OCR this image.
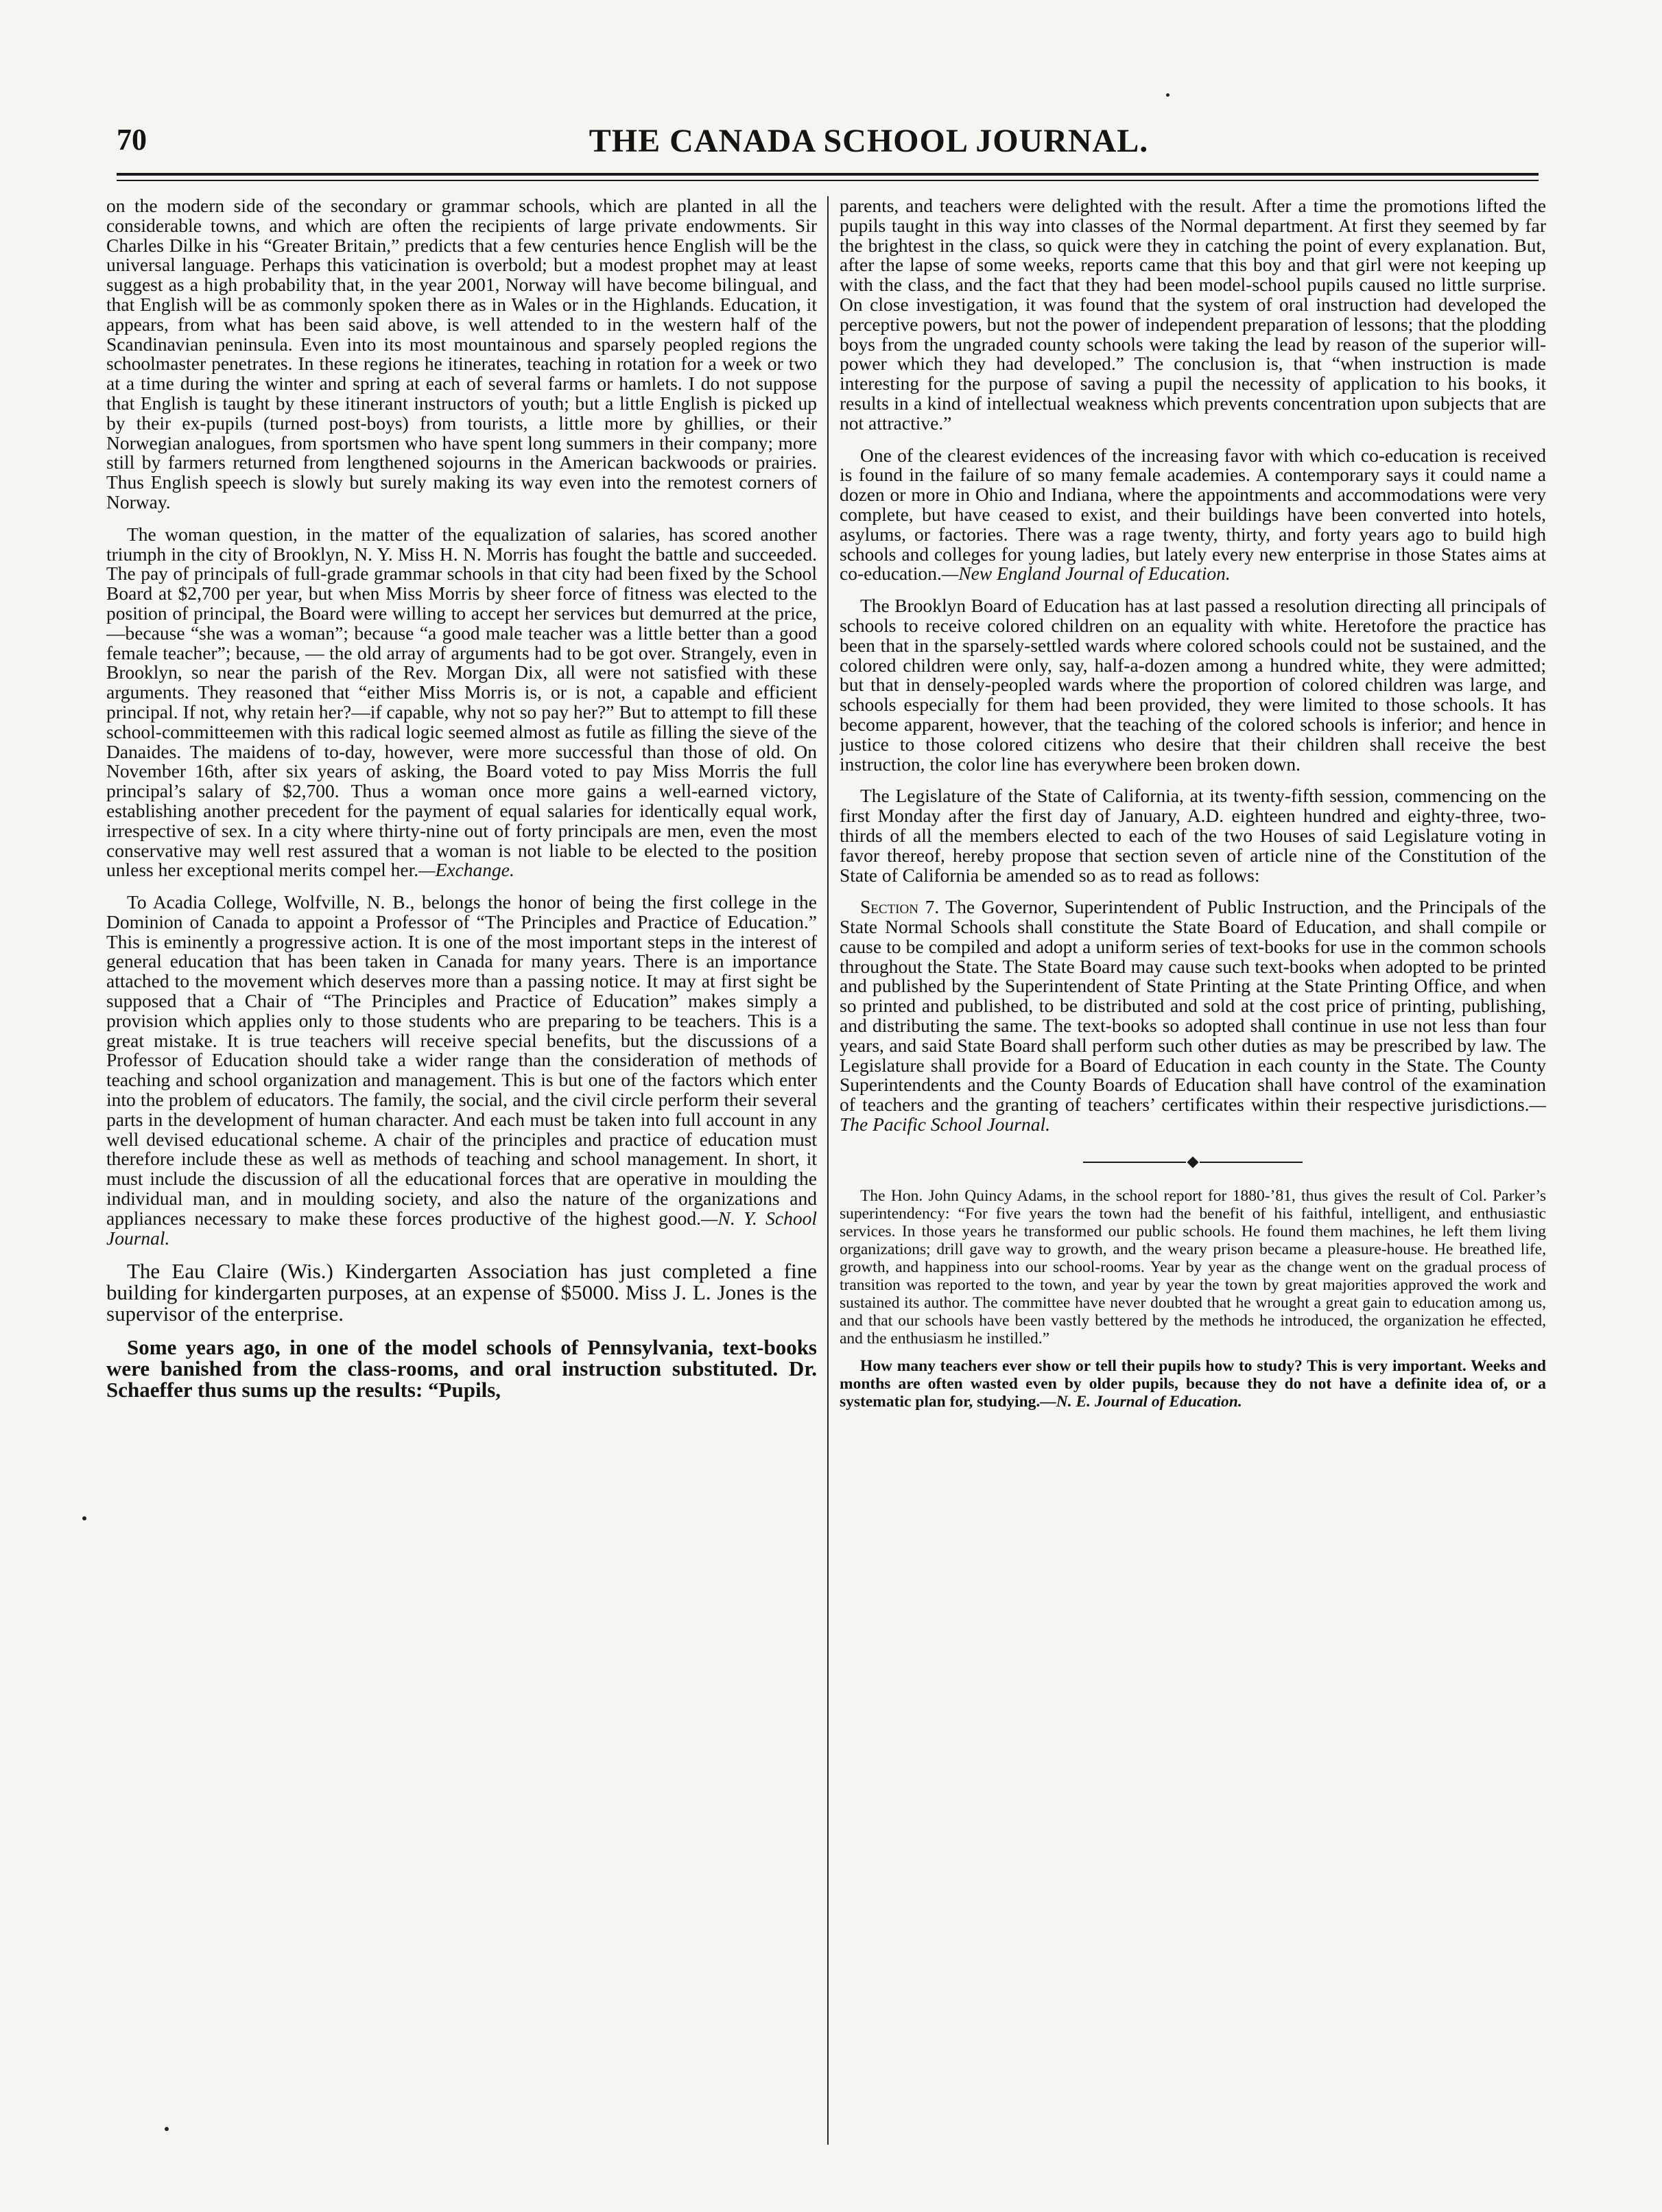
70	THE CANADA SCHOOL JOURNAL.

on the modern side of the secondary or grammar schools, which are planted in all the considerable towns, and which are often the recipients of large private endowments. Sir Charles Dilke in his “Greater Britain,” predicts that a few centuries hence English will be the universal language. Perhaps this vaticination is overbold; but a modest prophet may at least suggest as a high probability that, in the year 2001, Norway will have become bilingual, and that English will be as commonly spoken there as in Wales or in the Highlands. Education, it appears, from what has been said above, is well attended to in the western half of the Scandinavian peninsula. Even into its most mountainous and sparsely peopled regions the schoolmaster penetrates. In these regions he itinerates, teaching in rotation for a week or two at a time during the winter and spring at each of several farms or hamlets. I do not suppose that English is taught by these itinerant instructors of youth; but a little English is picked up by their ex-pupils (turned post-boys) from tourists, a little more by ghillies, or their Norwegian analogues, from sportsmen who have spent long summers in their company; more still by farmers returned from lengthened sojourns in the American backwoods or prairies. Thus English speech is slowly but surely making its way even into the remotest corners of Norway.

The woman question, in the matter of the equalization of salaries, has scored another triumph in the city of Brooklyn, N. Y. Miss H. N. Morris has fought the battle and succeeded. The pay of principals of full-grade grammar schools in that city had been fixed by the School Board at $2,700 per year, but when Miss Morris by sheer force of fitness was elected to the position of principal, the Board were willing to accept her services but demurred at the price,—because “she was a woman”; because “a good male teacher was a little better than a good female teacher”; because, — the old array of arguments had to be got over. Strangely, even in Brooklyn, so near the parish of the Rev. Morgan Dix, all were not satisfied with these arguments. They reasoned that “either Miss Morris is, or is not, a capable and efficient principal. If not, why retain her?—if capable, why not so pay her?” But to attempt to fill these school-committeemen with this radical logic seemed almost as futile as filling the sieve of the Danaides. The maidens of to-day, however, were more successful than those of old. On November 16th, after six years of asking, the Board voted to pay Miss Morris the full principal’s salary of $2,700. Thus a woman once more gains a well-earned victory, establishing another precedent for the payment of equal salaries for identically equal work, irrespective of sex. In a city where thirty-nine out of forty principals are men, even the most conservative may well rest assured that a woman is not liable to be elected to the position unless her exceptional merits compel her.—Exchange.

To Acadia College, Wolfville, N. B., belongs the honor of being the first college in the Dominion of Canada to appoint a Professor of “The Principles and Practice of Education.” This is eminently a progressive action. It is one of the most important steps in the interest of general education that has been taken in Canada for many years. There is an importance attached to the movement which deserves more than a passing notice. It may at first sight be supposed that a Chair of “The Principles and Practice of Education” makes simply a provision which applies only to those students who are preparing to be teachers. This is a great mistake. It is true teachers will receive special benefits, but the discussions of a Professor of Education should take a wider range than the consideration of methods of teaching and school organization and management. This is but one of the factors which enter into the problem of educators. The family, the social, and the civil circle perform their several parts in the development of human character. And each must be taken into full account in any well devised educational scheme. A chair of the principles and practice of education must therefore include these as well as methods of teaching and school management. In short, it must include the discussion of all the educational forces that are operative in moulding the individual man, and in moulding society, and also the nature of the organizations and appliances necessary to make these forces productive of the highest good.—N. Y. School Journal.

The Eau Claire (Wis.) Kindergarten Association has just completed a fine building for kindergarten purposes, at an expense of $5000. Miss J. L. Jones is the supervisor of the enterprise.

Some years ago, in one of the model schools of Pennsylvania, text-books were banished from the class-rooms, and oral instruction substituted. Dr. Schaeffer thus sums up the results: “Pupils,

parents, and teachers were delighted with the result. After a time the promotions lifted the pupils taught in this way into classes of the Normal department. At first they seemed by far the brightest in the class, so quick were they in catching the point of every explanation. But, after the lapse of some weeks, reports came that this boy and that girl were not keeping up with the class, and the fact that they had been model-school pupils caused no little surprise. On close investigation, it was found that the system of oral instruction had developed the perceptive powers, but not the power of independent preparation of lessons; that the plodding boys from the ungraded county schools were taking the lead by reason of the superior will-power which they had developed.” The conclusion is, that “when instruction is made interesting for the purpose of saving a pupil the necessity of application to his books, it results in a kind of intellectual weakness which prevents concentration upon subjects that are not attractive.”

One of the clearest evidences of the increasing favor with which co-education is received is found in the failure of so many female academies. A contemporary says it could name a dozen or more in Ohio and Indiana, where the appointments and accommodations were very complete, but have ceased to exist, and their buildings have been converted into hotels, asylums, or factories. There was a rage twenty, thirty, and forty years ago to build high schools and colleges for young ladies, but lately every new enterprise in those States aims at co-education.—New England Journal of Education.

The Brooklyn Board of Education has at last passed a resolution directing all principals of schools to receive colored children on an equality with white. Heretofore the practice has been that in the sparsely-settled wards where colored schools could not be sustained, and the colored children were only, say, half-a-dozen among a hundred white, they were admitted; but that in densely-peopled wards where the proportion of colored children was large, and schools especially for them had been provided, they were limited to those schools. It has become apparent, however, that the teaching of the colored schools is inferior; and hence in justice to those colored citizens who desire that their children shall receive the best instruction, the color line has everywhere been broken down.

The Legislature of the State of California, at its twenty-fifth session, commencing on the first Monday after the first day of January, A.D. eighteen hundred and eighty-three, two-thirds of all the members elected to each of the two Houses of said Legislature voting in favor thereof, hereby propose that section seven of article nine of the Constitution of the State of California be amended so as to read as follows:

Section 7. The Governor, Superintendent of Public Instruction, and the Principals of the State Normal Schools shall constitute the State Board of Education, and shall compile or cause to be compiled and adopt a uniform series of text-books for use in the common schools throughout the State. The State Board may cause such text-books when adopted to be printed and published by the Superintendent of State Printing at the State Printing Office, and when so printed and published, to be distributed and sold at the cost price of printing, publishing, and distributing the same. The text-books so adopted shall continue in use not less than four years, and said State Board shall perform such other duties as may be prescribed by law. The Legislature shall provide for a Board of Education in each county in the State. The County Superintendents and the County Boards of Education shall have control of the examination of teachers and the granting of teachers’ certificates within their respective jurisdictions.—The Pacific School Journal.

The Hon. John Quincy Adams, in the school report for 1880-’81, thus gives the result of Col. Parker’s superintendency: “For five years the town had the benefit of his faithful, intelligent, and enthusiastic services. In those years he transformed our public schools. He found them machines, he left them living organizations; drill gave way to growth, and the weary prison became a pleasure-house. He breathed life, growth, and happiness into our school-rooms. Year by year as the change went on the gradual process of transition was reported to the town, and year by year the town by great majorities approved the work and sustained its author. The committee have never doubted that he wrought a great gain to education among us, and that our schools have been vastly bettered by the methods he introduced, the organization he effected, and the enthusiasm he instilled.”

How many teachers ever show or tell their pupils how to study? This is very important. Weeks and months are often wasted even by older pupils, because they do not have a definite idea of, or a systematic plan for, studying.—N. E. Journal of Education.
